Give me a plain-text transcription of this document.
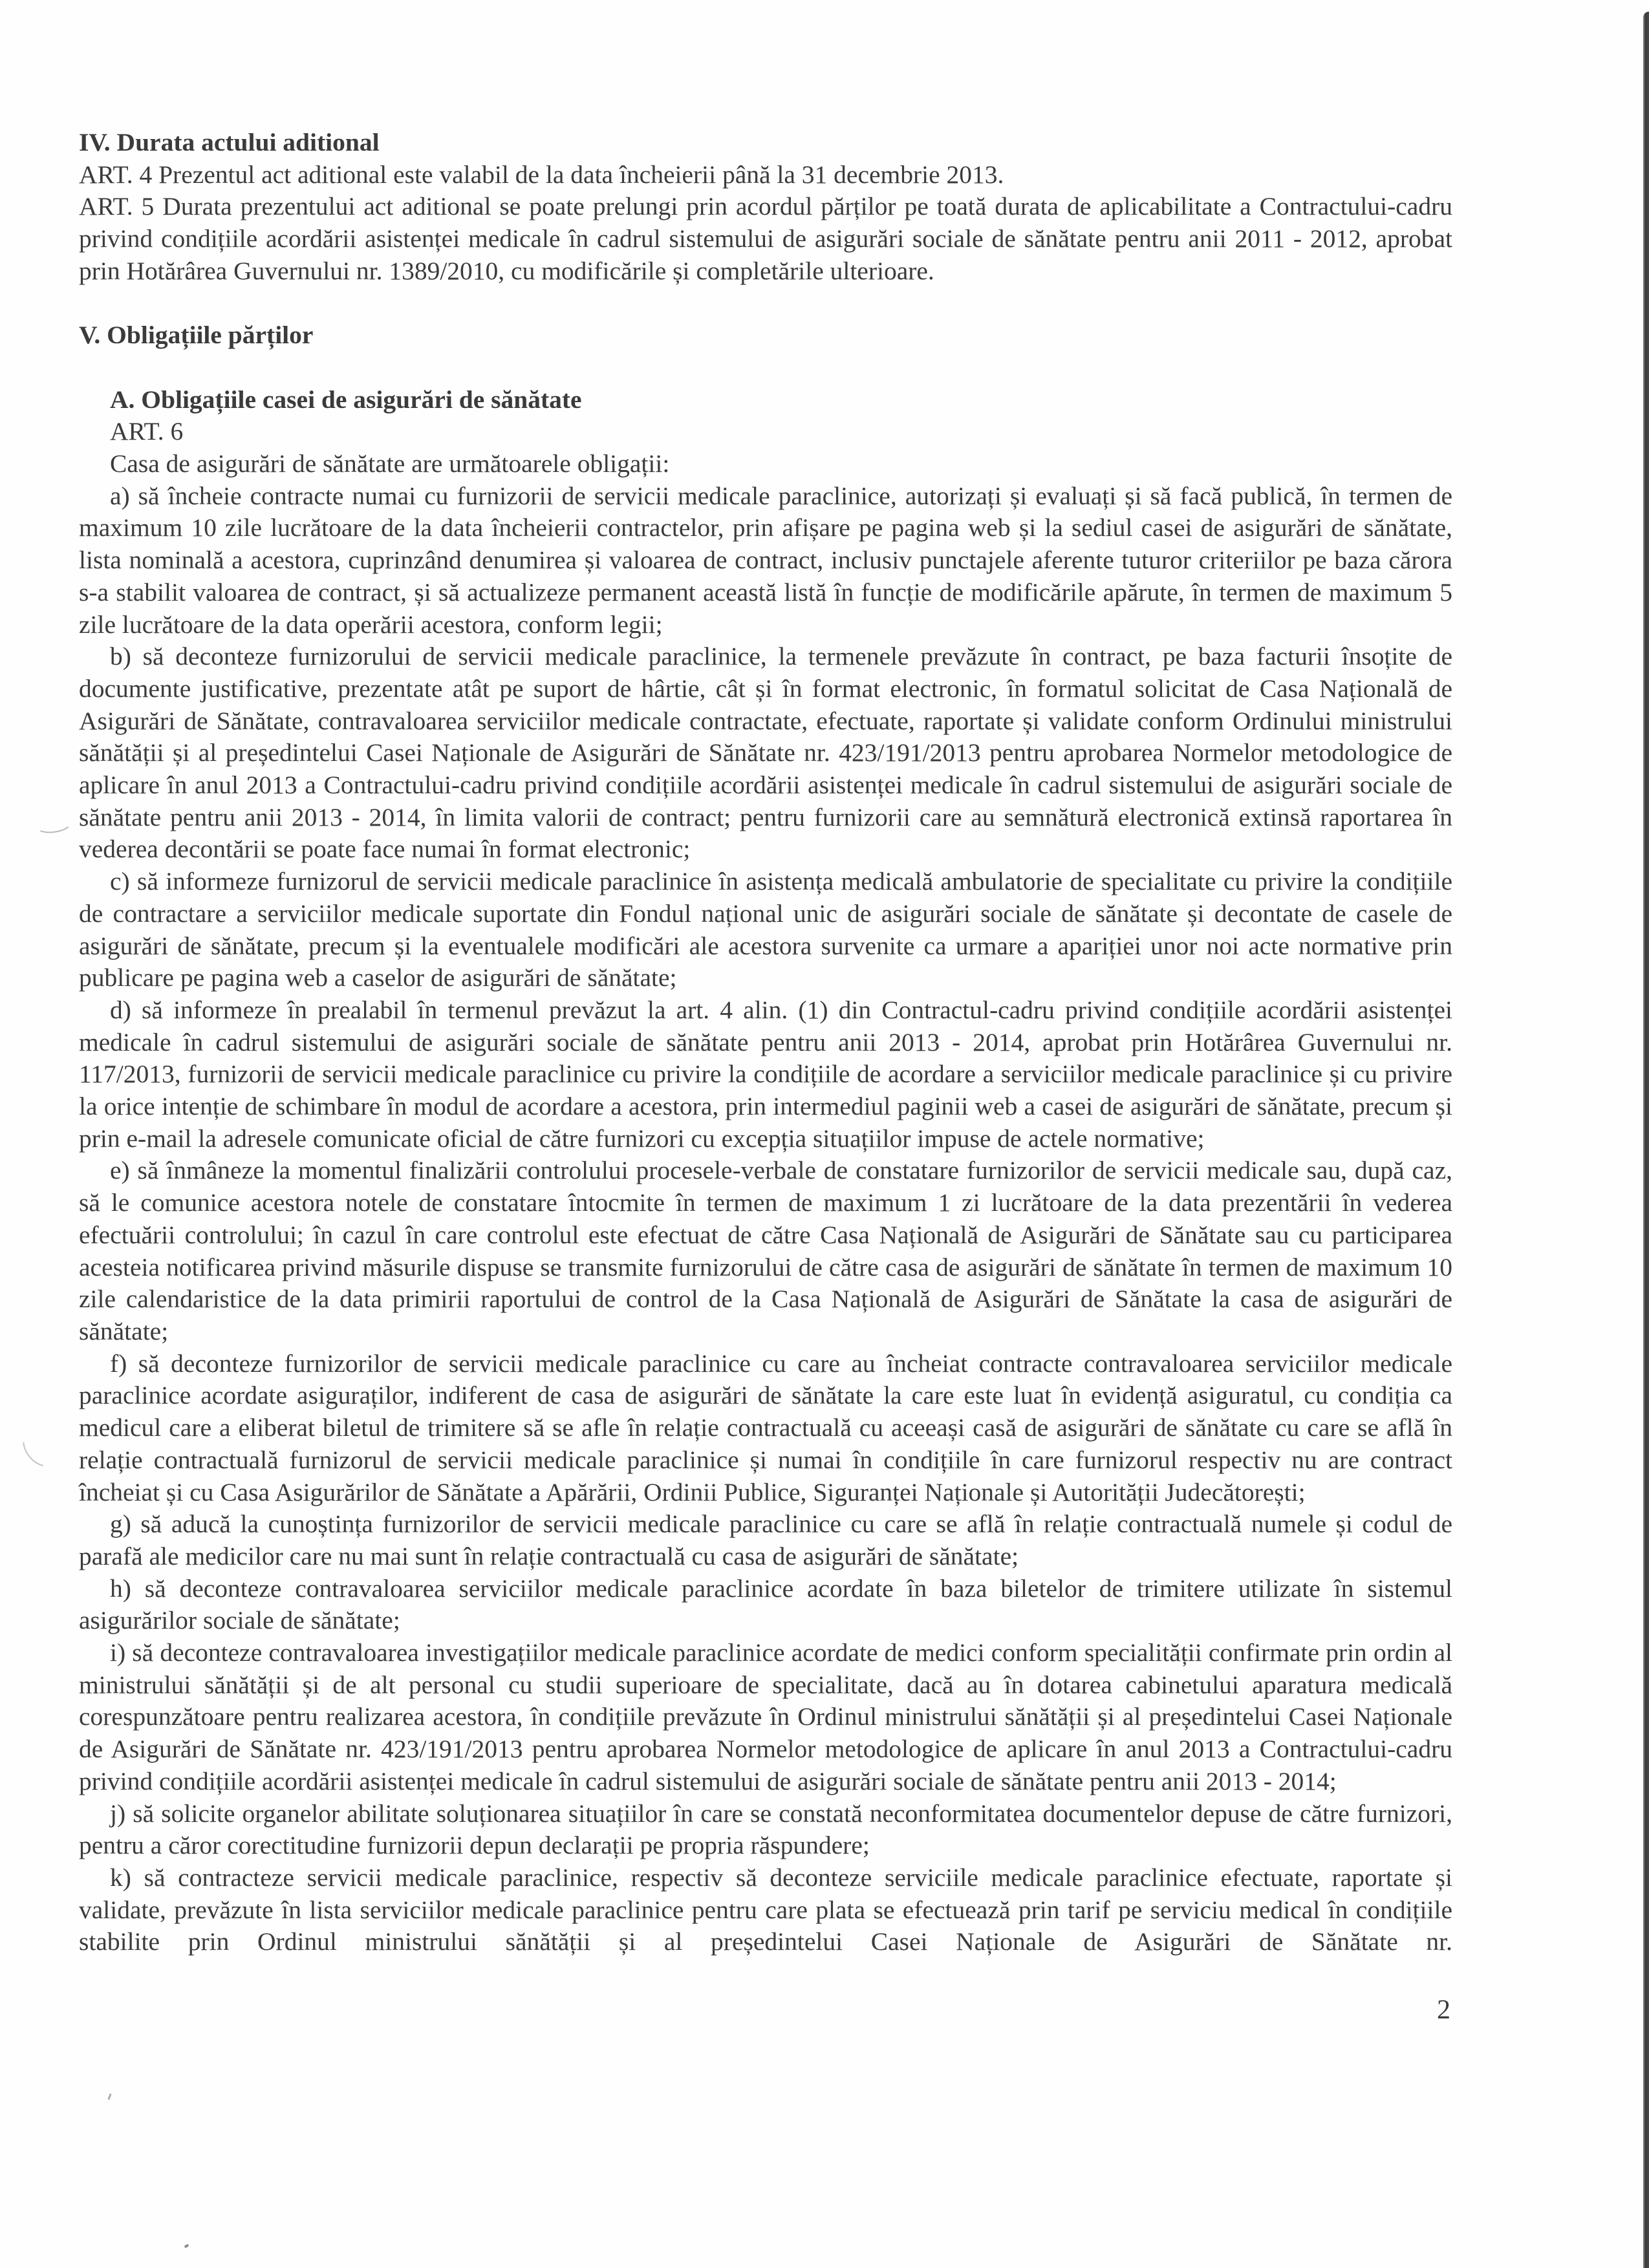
IV. Durata actului aditional

ART. 4 Prezentul act aditional este valabil de la data încheierii până la 31 decembrie 2013.

ART. 5 Durata prezentului act aditional se poate prelungi prin acordul părților pe toată durata de aplicabilitate a Contractului-cadru privind condițiile acordării asistenței medicale în cadrul sistemului de asigurări sociale de sănătate pentru anii 2011 - 2012, aprobat prin Hotărârea Guvernului nr. 1389/2010, cu modificările și completările ulterioare.

V. Obligațiile părților

A. Obligațiile casei de asigurări de sănătate

ART. 6

Casa de asigurări de sănătate are următoarele obligații:

a) să încheie contracte numai cu furnizorii de servicii medicale paraclinice, autorizați și evaluați și să facă publică, în termen de maximum 10 zile lucrătoare de la data încheierii contractelor, prin afișare pe pagina web și la sediul casei de asigurări de sănătate, lista nominală a acestora, cuprinzând denumirea și valoarea de contract, inclusiv punctajele aferente tuturor criteriilor pe baza cărora s-a stabilit valoarea de contract, și să actualizeze permanent această listă în funcție de modificările apărute, în termen de maximum 5 zile lucrătoare de la data operării acestora, conform legii;

b) să deconteze furnizorului de servicii medicale paraclinice, la termenele prevăzute în contract, pe baza facturii însoțite de documente justificative, prezentate atât pe suport de hârtie, cât și în format electronic, în formatul solicitat de Casa Națională de Asigurări de Sănătate, contravaloarea serviciilor medicale contractate, efectuate, raportate și validate conform Ordinului ministrului sănătății și al președintelui Casei Naționale de Asigurări de Sănătate nr. 423/191/2013 pentru aprobarea Normelor metodologice de aplicare în anul 2013 a Contractului-cadru privind condițiile acordării asistenței medicale în cadrul sistemului de asigurări sociale de sănătate pentru anii 2013 - 2014, în limita valorii de contract; pentru furnizorii care au semnătură electronică extinsă raportarea în vederea decontării se poate face numai în format electronic;

c) să informeze furnizorul de servicii medicale paraclinice în asistența medicală ambulatorie de specialitate cu privire la condițiile de contractare a serviciilor medicale suportate din Fondul național unic de asigurări sociale de sănătate și decontate de casele de asigurări de sănătate, precum și la eventualele modificări ale acestora survenite ca urmare a apariției unor noi acte normative prin publicare pe pagina web a caselor de asigurări de sănătate;

d) să informeze în prealabil în termenul prevăzut la art. 4 alin. (1) din Contractul-cadru privind condițiile acordării asistenței medicale în cadrul sistemului de asigurări sociale de sănătate pentru anii 2013 - 2014, aprobat prin Hotărârea Guvernului nr. 117/2013, furnizorii de servicii medicale paraclinice cu privire la condițiile de acordare a serviciilor medicale paraclinice și cu privire la orice intenție de schimbare în modul de acordare a acestora, prin intermediul paginii web a casei de asigurări de sănătate, precum și prin e-mail la adresele comunicate oficial de către furnizori cu excepția situațiilor impuse de actele normative;

e) să înmâneze la momentul finalizării controlului procesele-verbale de constatare furnizorilor de servicii medicale sau, după caz, să le comunice acestora notele de constatare întocmite în termen de maximum 1 zi lucrătoare de la data prezentării în vederea efectuării controlului; în cazul în care controlul este efectuat de către Casa Națională de Asigurări de Sănătate sau cu participarea acesteia notificarea privind măsurile dispuse se transmite furnizorului de către casa de asigurări de sănătate în termen de maximum 10 zile calendaristice de la data primirii raportului de control de la Casa Națională de Asigurări de Sănătate la casa de asigurări de sănătate;

f) să deconteze furnizorilor de servicii medicale paraclinice cu care au încheiat contracte contravaloarea serviciilor medicale paraclinice acordate asiguraților, indiferent de casa de asigurări de sănătate la care este luat în evidență asiguratul, cu condiția ca medicul care a eliberat biletul de trimitere să se afle în relație contractuală cu aceeași casă de asigurări de sănătate cu care se află în relație contractuală furnizorul de servicii medicale paraclinice și numai în condițiile în care furnizorul respectiv nu are contract încheiat și cu Casa Asigurărilor de Sănătate a Apărării, Ordinii Publice, Siguranței Naționale și Autorității Judecătorești;

g) să aducă la cunoștința furnizorilor de servicii medicale paraclinice cu care se află în relație contractuală numele și codul de parafă ale medicilor care nu mai sunt în relație contractuală cu casa de asigurări de sănătate;

h) să deconteze contravaloarea serviciilor medicale paraclinice acordate în baza biletelor de trimitere utilizate în sistemul asigurărilor sociale de sănătate;

i) să deconteze contravaloarea investigațiilor medicale paraclinice acordate de medici conform specialității confirmate prin ordin al ministrului sănătății și de alt personal cu studii superioare de specialitate, dacă au în dotarea cabinetului aparatura medicală corespunzătoare pentru realizarea acestora, în condițiile prevăzute în Ordinul ministrului sănătății și al președintelui Casei Naționale de Asigurări de Sănătate nr. 423/191/2013 pentru aprobarea Normelor metodologice de aplicare în anul 2013 a Contractului-cadru privind condițiile acordării asistenței medicale în cadrul sistemului de asigurări sociale de sănătate pentru anii 2013 - 2014;

j) să solicite organelor abilitate soluționarea situațiilor în care se constată neconformitatea documentelor depuse de către furnizori, pentru a căror corectitudine furnizorii depun declarații pe propria răspundere;

k) să contracteze servicii medicale paraclinice, respectiv să deconteze serviciile medicale paraclinice efectuate, raportate și validate, prevăzute în lista serviciilor medicale paraclinice pentru care plata se efectuează prin tarif pe serviciu medical în condițiile stabilite prin Ordinul ministrului sănătății și al președintelui Casei Naționale de Asigurări de Sănătate nr.

2
